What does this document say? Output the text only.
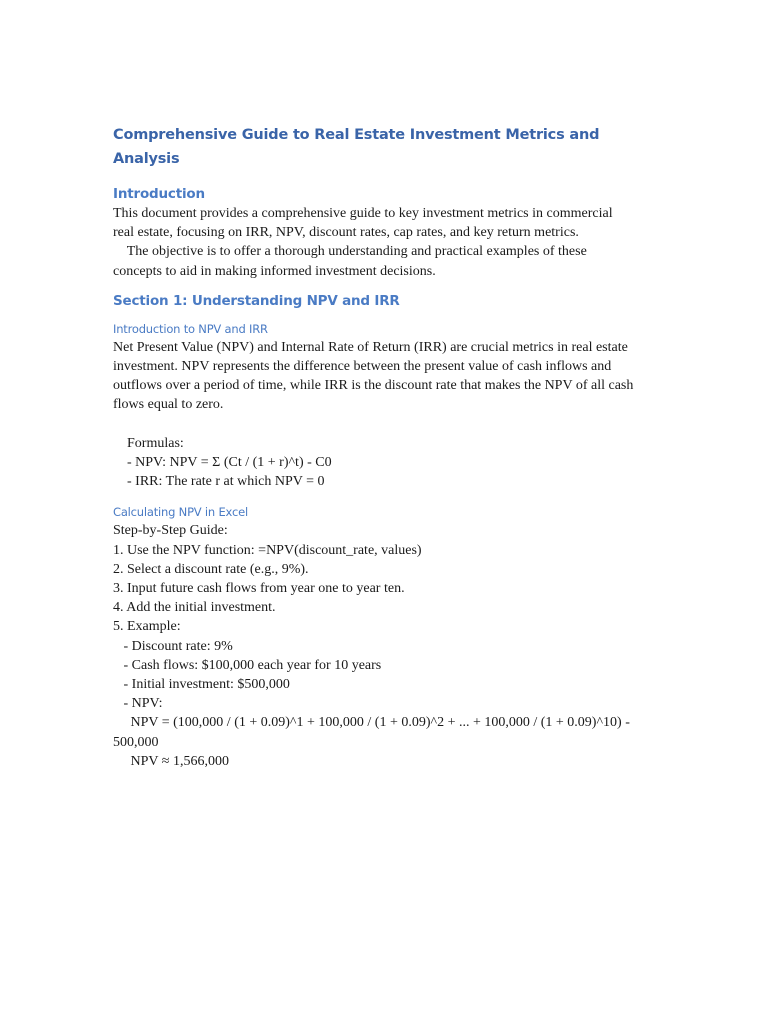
Comprehensive Guide to Real Estate Investment Metrics and Analysis
Introduction

This document provides a comprehensive guide to key investment metrics in commercial

real estate, focusing on IRR, NPV, discount rates, cap rates, and key return metrics.

The objective is to offer a thorough understanding and practical examples of these

concepts to aid in making informed investment decisions.

Section 1: Understanding NPV and IRR
Introduction to NPV and IRR

Net Present Value (NPV) and Internal Rate of Return (IRR) are crucial metrics in real estate

investment. NPV represents the difference between the present value of cash inflows and

outflows over a period of time, while IRR is the discount rate that makes the NPV of all cash

flows equal to zero.

Formulas:

- NPV: NPV = Σ (Ct / (1 + r)^t) - C0

- IRR: The rate r at which NPV = 0

Calculating NPV in Excel

Step-by-Step Guide:

1. Use the NPV function: =NPV(discount_rate, values)

2. Select a discount rate (e.g., 9%).

3. Input future cash flows from year one to year ten.

4. Add the initial investment.

5. Example:

- Discount rate: 9%

- Cash flows: $100,000 each year for 10 years

- Initial investment: $500,000

- NPV:

NPV = (100,000 / (1 + 0.09)^1 + 100,000 / (1 + 0.09)^2 + ... + 100,000 / (1 + 0.09)^10) -

500,000

NPV ≈ 1,566,000
